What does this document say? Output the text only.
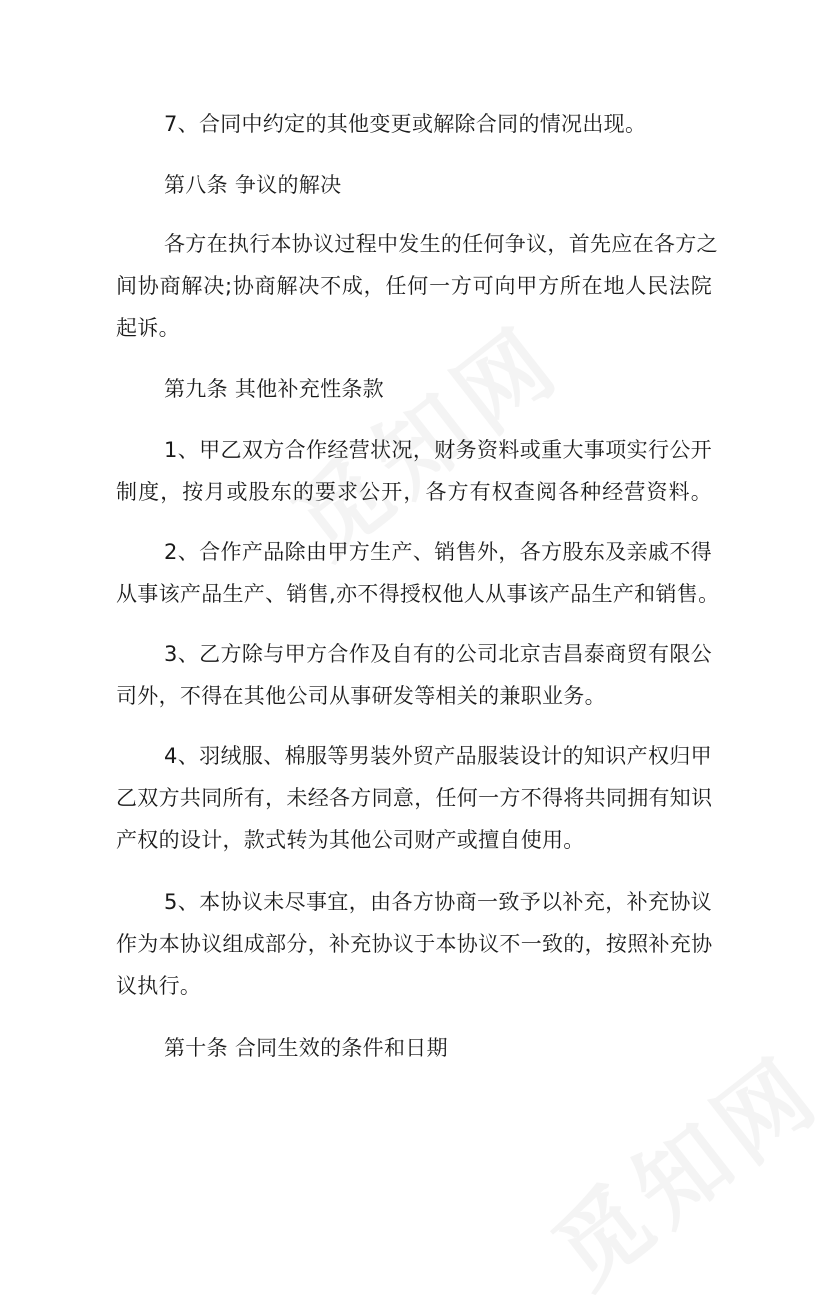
7、合同中约定的其他变更或解除合同的情况出现。
第八条 争议的解决
各方在执行本协议过程中发生的任何争议，首先应在各方之
间协商解决;协商解决不成，任何一方可向甲方所在地人民法院
起诉。
第九条 其他补充性条款
1、甲乙双方合作经营状况，财务资料或重大事项实行公开
制度，按月或股东的要求公开，各方有权查阅各种经营资料。
2、合作产品除由甲方生产、销售外，各方股东及亲戚不得
从事该产品生产、销售,亦不得授权他人从事该产品生产和销售。
3、乙方除与甲方合作及自有的公司北京吉昌泰商贸有限公
司外，不得在其他公司从事研发等相关的兼职业务。
4、羽绒服、棉服等男装外贸产品服装设计的知识产权归甲
乙双方共同所有，未经各方同意，任何一方不得将共同拥有知识
产权的设计，款式转为其他公司财产或擅自使用。
5、本协议未尽事宜，由各方协商一致予以补充，补充协议
作为本协议组成部分，补充协议于本协议不一致的，按照补充协
议执行。
第十条 合同生效的条件和日期
